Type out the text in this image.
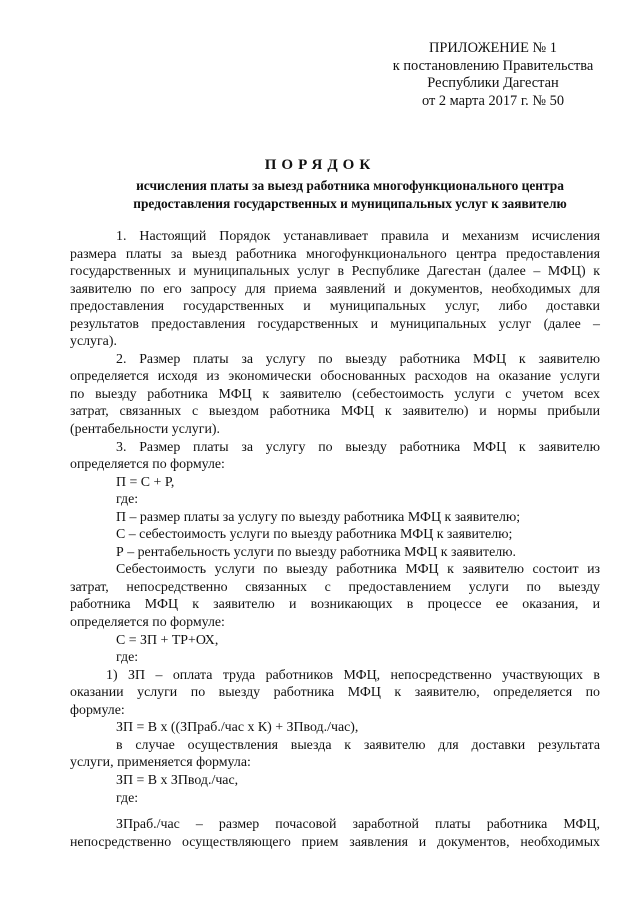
ПРИЛОЖЕНИЕ № 1
к постановлению Правительства
Республики Дагестан
от 2 марта 2017 г. № 50
ПОРЯДОК
исчисления платы за выезд работника многофункционального центра
предоставления государственных и муниципальных услуг к заявителю

1. Настоящий Порядок устанавливает правила и механизм исчисления

размера платы за выезд работника многофункционального центра предоставления

государственных и муниципальных услуг в Республике Дагестан (далее – МФЦ) к

заявителю по его запросу для приема заявлений и документов, необходимых для

предоставления государственных и муниципальных услуг, либо доставки

результатов предоставления государственных и муниципальных услуг (далее –

услуга).

2. Размер платы за услугу по выезду работника МФЦ к заявителю

определяется исходя из экономически обоснованных расходов на оказание услуги

по выезду работника МФЦ к заявителю (себестоимость услуги с учетом всех

затрат, связанных с выездом работника МФЦ к заявителю) и нормы прибыли

(рентабельности услуги).

3. Размер платы за услугу по выезду работника МФЦ к заявителю

определяется по формуле:

П = С + Р,

где:

П – размер платы за услугу по выезду работника МФЦ к заявителю;

С – себестоимость услуги по выезду работника МФЦ к заявителю;

Р – рентабельность услуги по выезду работника МФЦ к заявителю.

Себестоимость услуги по выезду работника МФЦ к заявителю состоит из

затрат, непосредственно связанных с предоставлением услуги по выезду

работника МФЦ к заявителю и возникающих в процессе ее оказания, и

определяется по формуле:

С = ЗП + ТР+ОХ,

где:

1) ЗП – оплата труда работников МФЦ, непосредственно участвующих в

оказании услуги по выезду работника МФЦ к заявителю, определяется по

формуле:

ЗП = В х ((ЗПраб./час х К) + ЗПвод./час),

в случае осуществления выезда к заявителю для доставки результата

услуги, применяется формула:

ЗП = В х ЗПвод./час,

где:

ЗПраб./час – размер почасовой заработной платы работника МФЦ,

непосредственно осуществляющего прием заявления и документов, необходимых
